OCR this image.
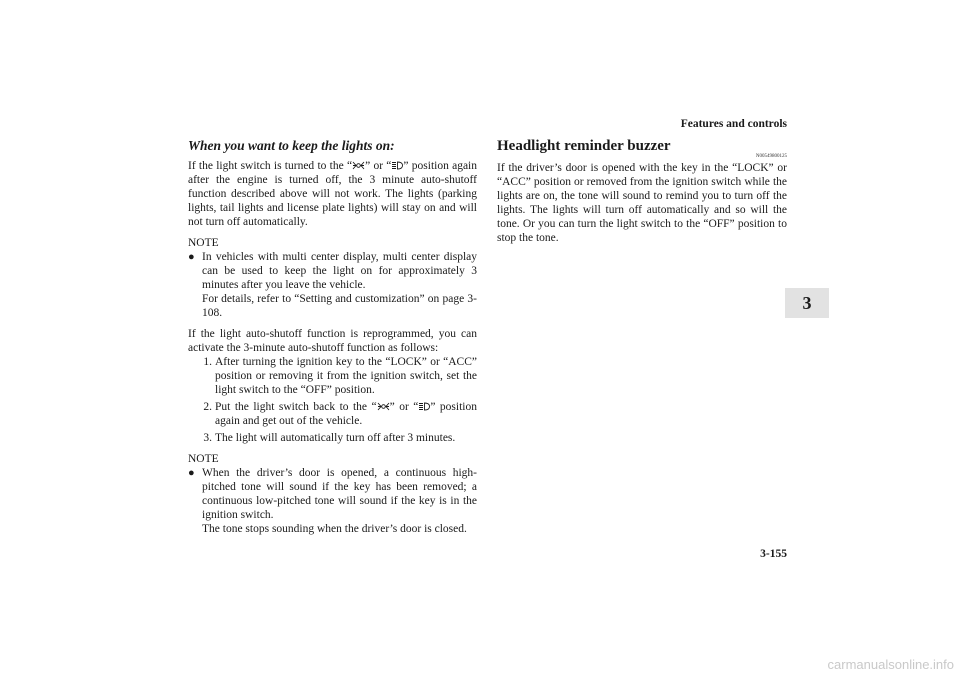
Features and controls
3

When you want to keep the lights on:

If the light switch is turned to the “ ” or “ ” position again after the engine is turned off, the 3 minute auto-shutoff function described above will not work. The lights (parking lights, tail lights and license plate lights) will stay on and will not turn off automatically.

NOTE

● In vehicles with multi center display, multi center display can be used to keep the light on for approximately 3 minutes after you leave the vehicle.

For details, refer to “Setting and customization” on page 3-108.

If the light auto-shutoff function is reprogrammed, you can activate the 3-minute auto-shutoff function as follows:

1. After turning the ignition key to the “LOCK” or “ACC” position or removing it from the ignition switch, set the light switch to the “OFF” position.
2. Put the light switch back to the “ ” or “ ” position again and get out of the vehicle.
3. The light will automatically turn off after 3 minutes.

NOTE

● When the driver’s door is opened, a continuous high-pitched tone will sound if the key has been removed; a continuous low-pitched tone will sound if the key is in the ignition switch.

The tone stops sounding when the driver’s door is closed.

Headlight reminder buzzer

N00549800125

If the driver’s door is opened with the key in the “LOCK” or “ACC” position or removed from the ignition switch while the lights are on, the tone will sound to remind you to turn off the lights. The lights will turn off automatically and so will the tone. Or you can turn the light switch to the “OFF” position to stop the tone.

3-155
carmanualsonline.info
